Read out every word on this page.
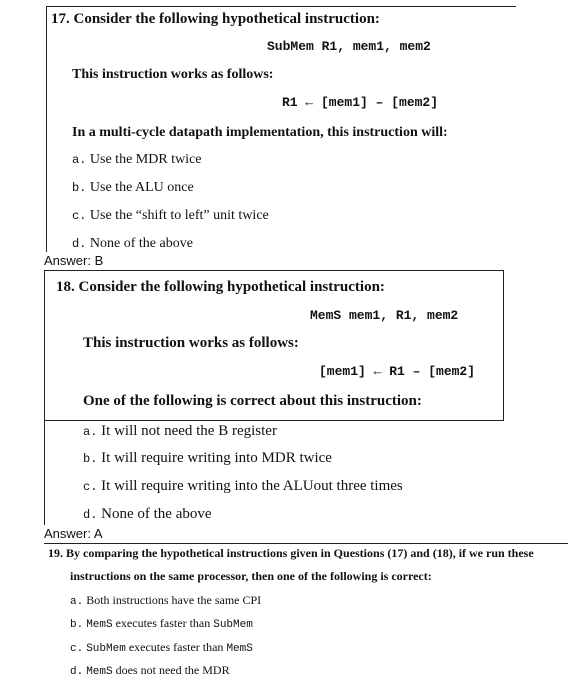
17. Consider the following hypothetical instruction:
SubMem R1, mem1, mem2
This instruction works as follows:
R1 ← [mem1] – [mem2]
In a multi-cycle datapath implementation, this instruction will:
a. Use the MDR twice
b. Use the ALU once
c. Use the “shift to left” unit twice
d. None of the above
Answer: B
18. Consider the following hypothetical instruction:
MemS mem1, R1, mem2
This instruction works as follows:
[mem1] ← R1 – [mem2]
One of the following is correct about this instruction:
a. It will not need the B register
b. It will require writing into MDR twice
c. It will require writing into the ALUout three times
d. None of the above
Answer: A
19. By comparing the hypothetical instructions given in Questions (17) and (18), if we run these
instructions on the same processor, then one of the following is correct:
a. Both instructions have the same CPI
b. MemS executes faster than SubMem
c. SubMem executes faster than MemS
d. MemS does not need the MDR
